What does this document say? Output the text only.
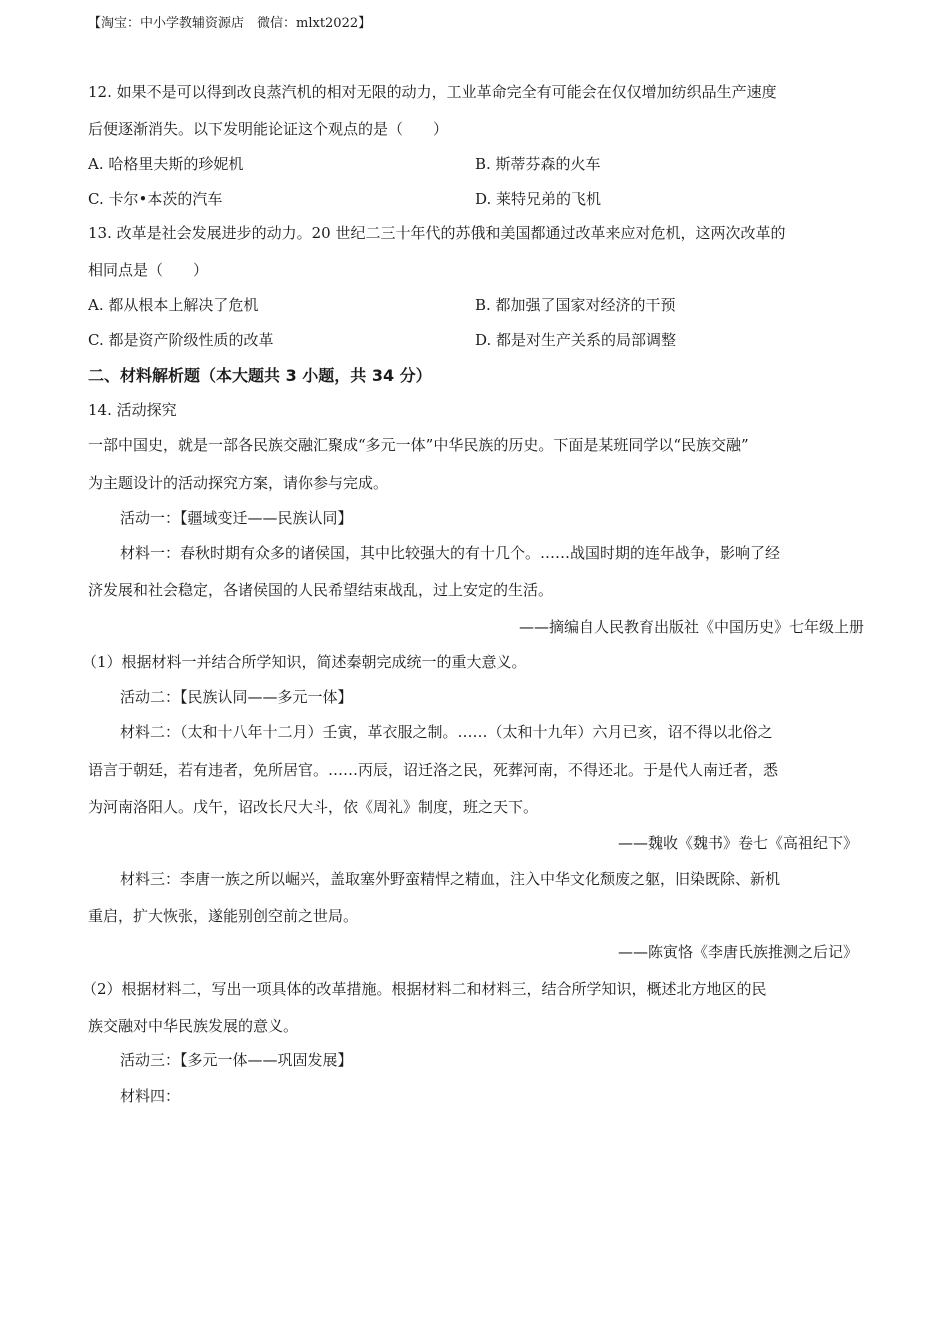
【淘宝：中小学教辅资源店　微信：mlxt2022】
12. 如果不是可以得到改良蒸汽机的相对无限的动力，工业革命完全有可能会在仅仅增加纺织品生产速度
后便逐渐消失。以下发明能论证这个观点的是（　　）
A. 哈格里夫斯的珍妮机	B. 斯蒂芬森的火车
C. 卡尔•本茨的汽车	D. 莱特兄弟的飞机
13. 改革是社会发展进步的动力。20 世纪二三十年代的苏俄和美国都通过改革来应对危机，这两次改革的
相同点是（　　）
A. 都从根本上解决了危机	B. 都加强了国家对经济的干预
C. 都是资产阶级性质的改革	D. 都是对生产关系的局部调整
二、材料解析题（本大题共 3 小题，共 34 分）
14. 活动探究
一部中国史，就是一部各民族交融汇聚成“多元一体”中华民族的历史。下面是某班同学以“民族交融”
为主题设计的活动探究方案，请你参与完成。
活动一：【疆域变迁——民族认同】
材料一：春秋时期有众多的诸侯国，其中比较强大的有十几个。……战国时期的连年战争，影响了经
济发展和社会稳定，各诸侯国的人民希望结束战乱，过上安定的生活。
——摘编自人民教育出版社《中国历史》七年级上册
（1）根据材料一并结合所学知识，简述秦朝完成统一的重大意义。
活动二：【民族认同——多元一体】
材料二：（太和十八年十二月）壬寅，革衣服之制。……（太和十九年）六月已亥，诏不得以北俗之
语言于朝廷，若有违者，免所居官。……丙辰，诏迁洛之民，死葬河南，不得还北。于是代人南迁者，悉
为河南洛阳人。戊午，诏改长尺大斗，依《周礼》制度，班之天下。
——魏收《魏书》卷七《高祖纪下》
材料三：李唐一族之所以崛兴，盖取塞外野蛮精悍之精血，注入中华文化颓废之躯，旧染既除、新机
重启，扩大恢张，遂能别创空前之世局。
——陈寅恪《李唐氏族推测之后记》
（2）根据材料二，写出一项具体的改革措施。根据材料二和材料三，结合所学知识，概述北方地区的民
族交融对中华民族发展的意义。
活动三：【多元一体——巩固发展】
材料四：
